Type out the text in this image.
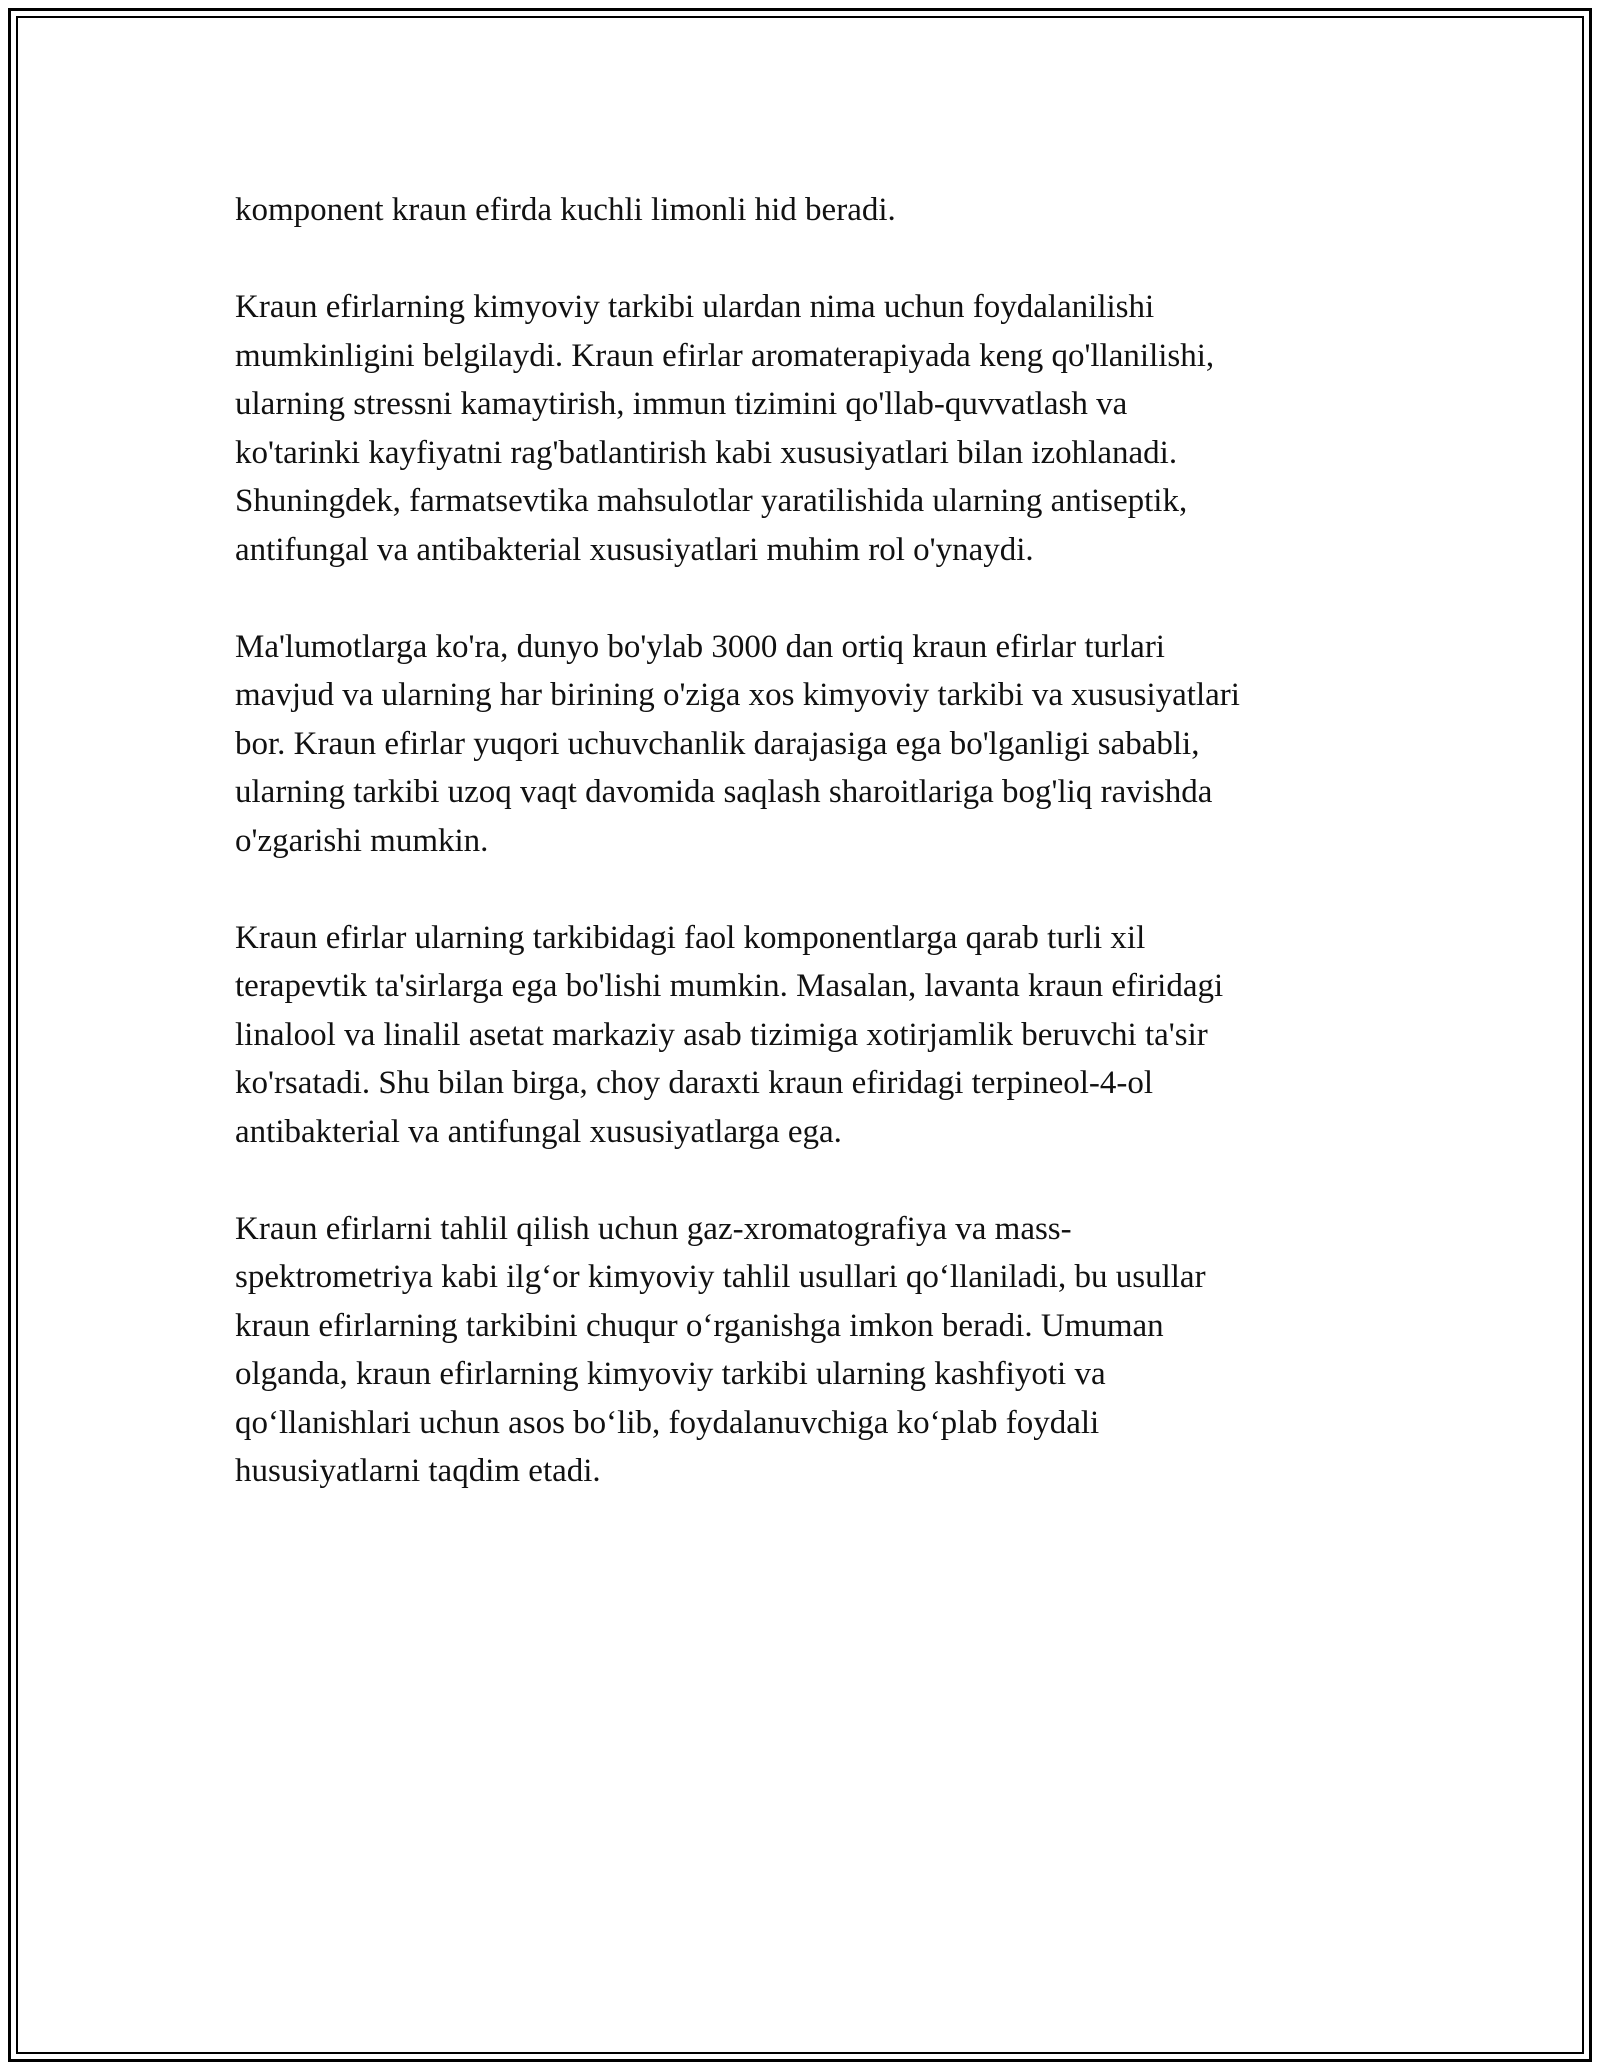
komponent kraun efirda kuchli limonli hid beradi.

Kraun efirlarning kimyoviy tarkibi ulardan nima uchun foydalanilishi
mumkinligini belgilaydi. Kraun efirlar aromaterapiyada keng qo'llanilishi,
ularning stressni kamaytirish, immun tizimini qo'llab-quvvatlash va
ko'tarinki kayfiyatni rag'batlantirish kabi xususiyatlari bilan izohlanadi.
Shuningdek, farmatsevtika mahsulotlar yaratilishida ularning antiseptik,
antifungal va antibakterial xususiyatlari muhim rol o'ynaydi.

Ma'lumotlarga ko'ra, dunyo bo'ylab 3000 dan ortiq kraun efirlar turlari
mavjud va ularning har birining o'ziga xos kimyoviy tarkibi va xususiyatlari
bor. Kraun efirlar yuqori uchuvchanlik darajasiga ega bo'lganligi sababli,
ularning tarkibi uzoq vaqt davomida saqlash sharoitlariga bog'liq ravishda
o'zgarishi mumkin.

Kraun efirlar ularning tarkibidagi faol komponentlarga qarab turli xil
terapevtik ta'sirlarga ega bo'lishi mumkin. Masalan, lavanta kraun efiridagi
linalool va linalil asetat markaziy asab tizimiga xotirjamlik beruvchi ta'sir
ko'rsatadi. Shu bilan birga, choy daraxti kraun efiridagi terpineol-4-ol
antibakterial va antifungal xususiyatlarga ega.

Kraun efirlarni tahlil qilish uchun gaz-xromatografiya va mass-
spektrometriya kabi ilg‘or kimyoviy tahlil usullari qo‘llaniladi, bu usullar
kraun efirlarning tarkibini chuqur o‘rganishga imkon beradi. Umuman
olganda, kraun efirlarning kimyoviy tarkibi ularning kashfiyoti va
qo‘llanishlari uchun asos bo‘lib, foydalanuvchiga ko‘plab foydali
hususiyatlarni taqdim etadi.
